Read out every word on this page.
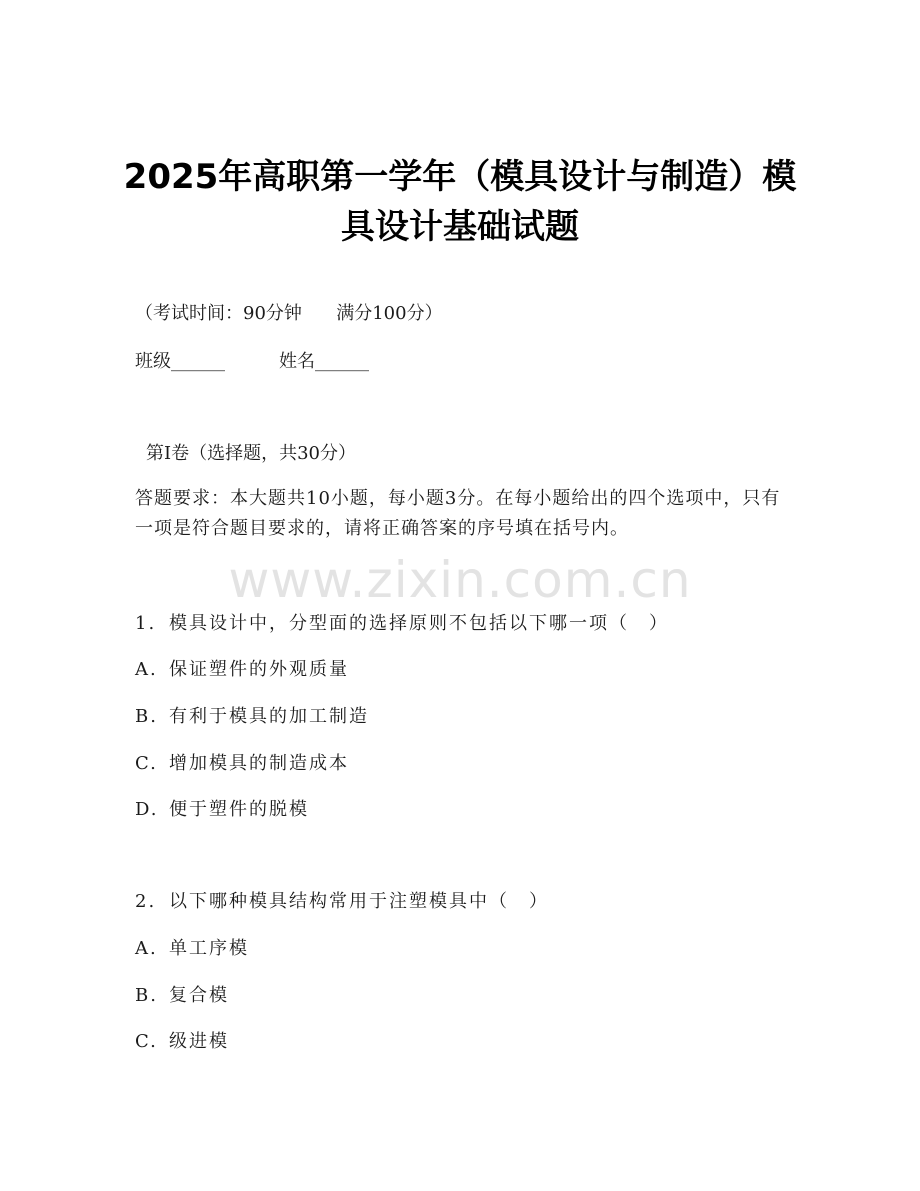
www.zixin.com.cn
2025年高职第一学年（模具设计与制造）模
具设计基础试题
（考试时间：90分钟      满分100分）
班级______	姓名______
第I卷（选择题，共30分）
答题要求：本大题共10小题，每小题3分。在每小题给出的四个选项中，只有一项是符合题目要求的，请将正确答案的序号填在括号内。
1. 模具设计中，分型面的选择原则不包括以下哪一项（　）
A. 保证塑件的外观质量
B. 有利于模具的加工制造
C. 增加模具的制造成本
D. 便于塑件的脱模
2. 以下哪种模具结构常用于注塑模具中（　）
A. 单工序模
B. 复合模
C. 级进模
